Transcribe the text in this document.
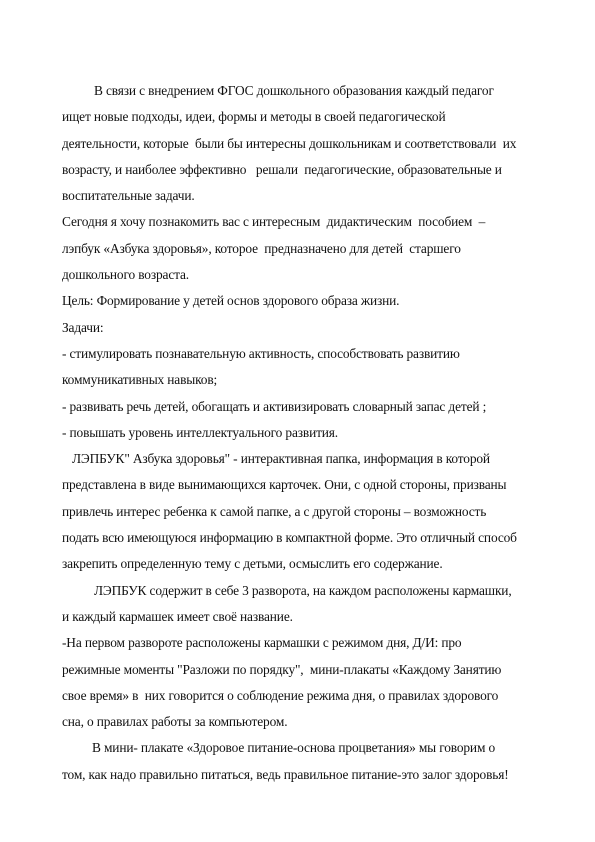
В связи с внедрением ФГОС дошкольного образования каждый педагог
ищет новые подходы, идеи, формы и методы в своей педагогической
деятельности, которые  были бы интересны дошкольникам и соответствовали  их
возрасту, и наиболее эффективно   решали  педагогические, образовательные и
воспитательные задачи.
Сегодня я хочу познакомить вас с интересным  дидактическим  пособием  –
лэпбук «Азбука здоровья», которое  предназначено для детей  старшего
дошкольного возраста.
Цель: Формирование у детей основ здорового образа жизни.
Задачи:
- стимулировать познавательную активность, способствовать развитию
коммуникативных навыков;
- развивать речь детей, обогащать и активизировать словарный запас детей ;
- повышать уровень интеллектуального развития.
ЛЭПБУК" Азбука здоровья" - интерактивная папка, информация в которой
представлена в виде вынимающихся карточек. Они, с одной стороны, призваны
привлечь интерес ребенка к самой папке, а с другой стороны – возможность
подать всю имеющуюся информацию в компактной форме. Это отличный способ
закрепить определенную тему с детьми, осмыслить его содержание.
ЛЭПБУК содержит в себе 3 разворота, на каждом расположены кармашки,
и каждый кармашек имеет своё название.
-На первом развороте расположены кармашки с режимом дня, Д/И: про
режимные моменты "Разложи по порядку",  мини-плакаты «Каждому Занятию
свое время» в  них говорится о соблюдение режима дня, о правилах здорового
сна, о правилах работы за компьютером.
В мини- плакате «Здоровое питание-основа процветания» мы говорим о
том, как надо правильно питаться, ведь правильное питание-это залог здоровья!
